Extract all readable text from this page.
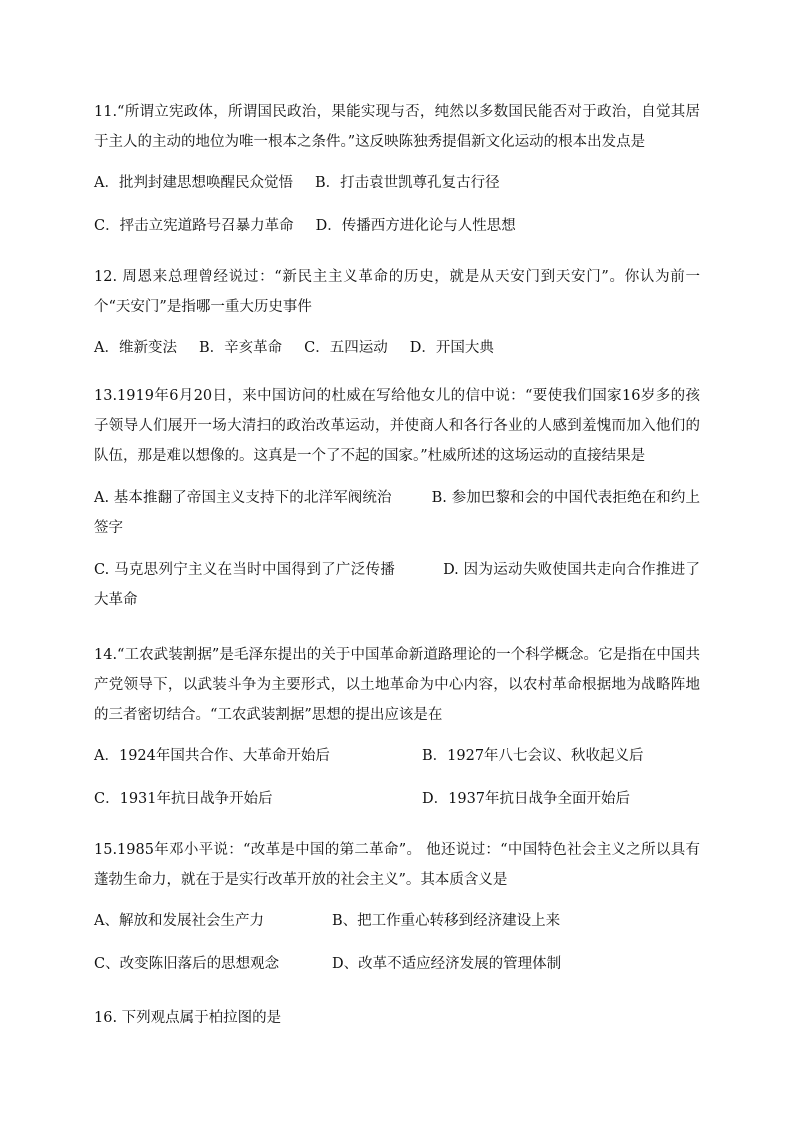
11.“所谓立宪政体，所谓国民政治，果能实现与否，纯然以多数国民能否对于政治，自觉其居于主人的主动的地位为唯一根本之条件。”这反映陈独秀提倡新文化运动的根本出发点是

A．批判封建思想唤醒民众觉悟 B．打击袁世凯尊孔复古行径
C．抨击立宪道路号召暴力革命 D．传播西方进化论与人性思想

12. 周恩来总理曾经说过：“新民主主义革命的历史，就是从天安门到天安门”。你认为前一个“天安门”是指哪一重大历史事件

A．维新变法 B．辛亥革命 C．五四运动 D．开国大典

13.1919年6月20日，来中国访问的杜威在写给他女儿的信中说：“要使我们国家16岁多的孩子领导人们展开一场大清扫的政治改革运动，并使商人和各行各业的人感到羞愧而加入他们的队伍，那是难以想像的。这真是一个了不起的国家。”杜威所述的这场运动的直接结果是

A. 基本推翻了帝国主义支持下的北洋军阀统治	B. 参加巴黎和会的中国代表拒绝在和约上签字

C. 马克思列宁主义在当时中国得到了广泛传播	D. 因为运动失败使国共走向合作推进了大革命

14.“工农武装割据”是毛泽东提出的关于中国革命新道路理论的一个科学概念。它是指在中国共产党领导下，以武装斗争为主要形式，以土地革命为中心内容，以农村革命根据地为战略阵地的三者密切结合。“工农武装割据”思想的提出应该是在

A．1924年国共合作、大革命开始后	B．1927年八七会议、秋收起义后
C．1931年抗日战争开始后	D．1937年抗日战争全面开始后

15.1985年邓小平说：“改革是中国的第二革命”。 他还说过：“中国特色社会主义之所以具有蓬勃生命力，就在于是实行改革开放的社会主义”。其本质含义是

A、解放和发展社会生产力	B、把工作重心转移到经济建设上来
C、改变陈旧落后的思想观念	D、改革不适应经济发展的管理体制

16. 下列观点属于柏拉图的是
